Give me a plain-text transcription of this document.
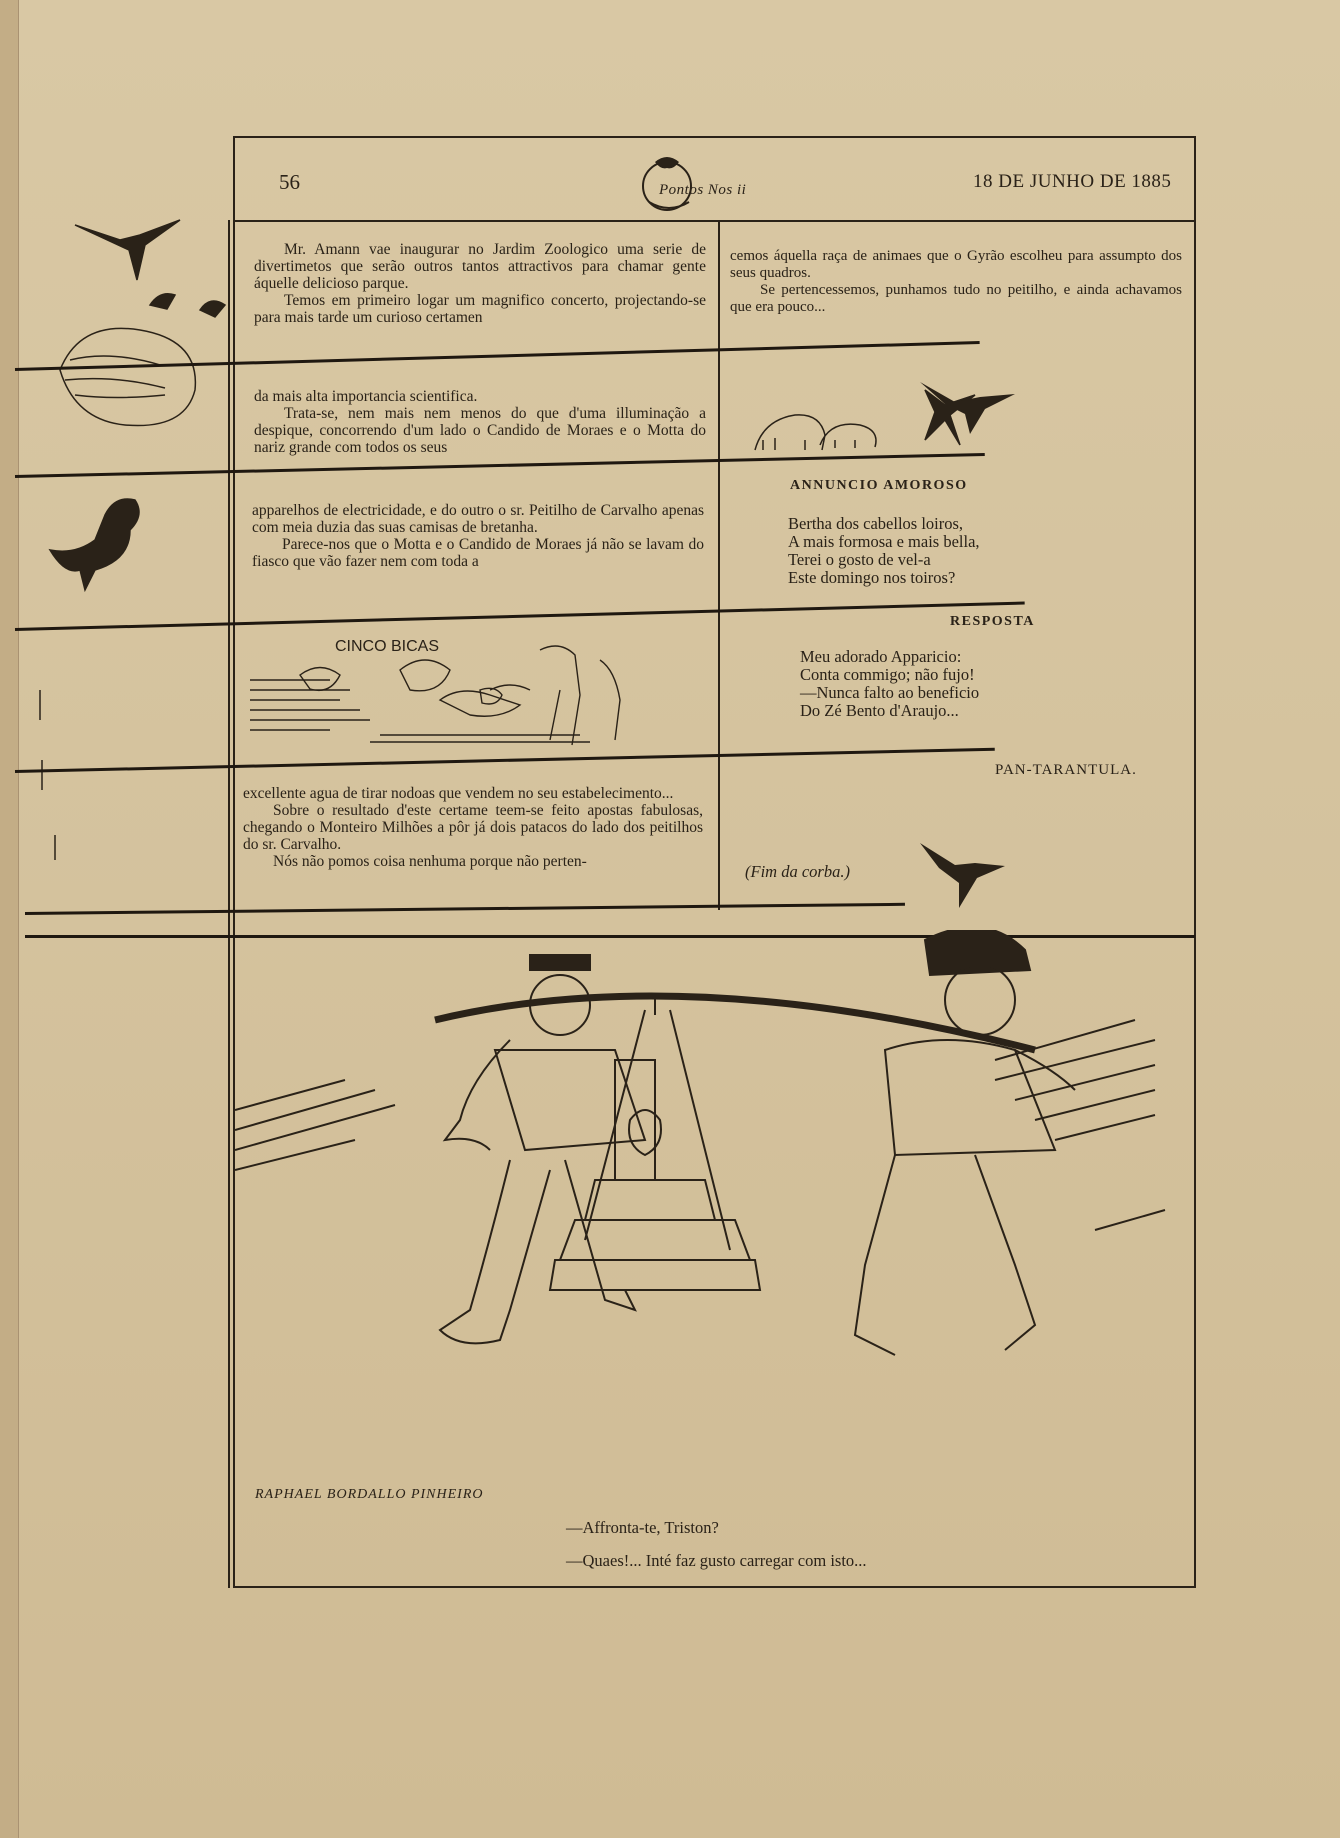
56	Pontos Nos ii	18 DE JUNHO DE 1885

Mr. Amann vae inaugurar no Jardim Zoologico uma serie de divertimetos que serão outros tantos attractivos para chamar gente áquelle delicioso parque.

Temos em primeiro logar um magnifico concerto, projectando-se para mais tarde um curioso certamen

da mais alta importancia scientifica.

Trata-se, nem mais nem menos do que d'uma illuminação a despique, concorrendo d'um lado o Candido de Moraes e o Motta do nariz grande com todos os seus

apparelhos de electricidade, e do outro o sr. Peitilho de Carvalho apenas com meia duzia das suas camisas de bretanha.

Parece-nos que o Motta e o Candido de Moraes já não se lavam do fiasco que vão fazer nem com toda a

excellente agua de tirar nodoas que vendem no seu estabelecimento...

Sobre o resultado d'este certame teem-se feito apostas fabulosas, chegando o Monteiro Milhões a pôr já dois patacos do lado dos peitilhos do sr. Carvalho.

Nós não pomos coisa nenhuma porque não perten-

CINCO BICAS

cemos áquella raça de animaes que o Gyrão escolheu para assumpto dos seus quadros.

Se pertencessemos, punhamos tudo no peitilho, e ainda achavamos que era pouco...

ANNUNCIO AMOROSO
Bertha dos cabellos loiros,
A mais formosa e mais bella,
Terei o gosto de vel-a
Este domingo nos toiros?
RESPOSTA
Meu adorado Apparicio:
Conta commigo; não fujo!
—Nunca falto ao beneficio
Do Zé Bento d'Araujo...
PAN-TARANTULA.
(Fim da corba.)
RAPHAEL BORDALLO PINHEIRO
—Affronta-te, Triston?
—Quaes!... Inté faz gusto carregar com isto...
